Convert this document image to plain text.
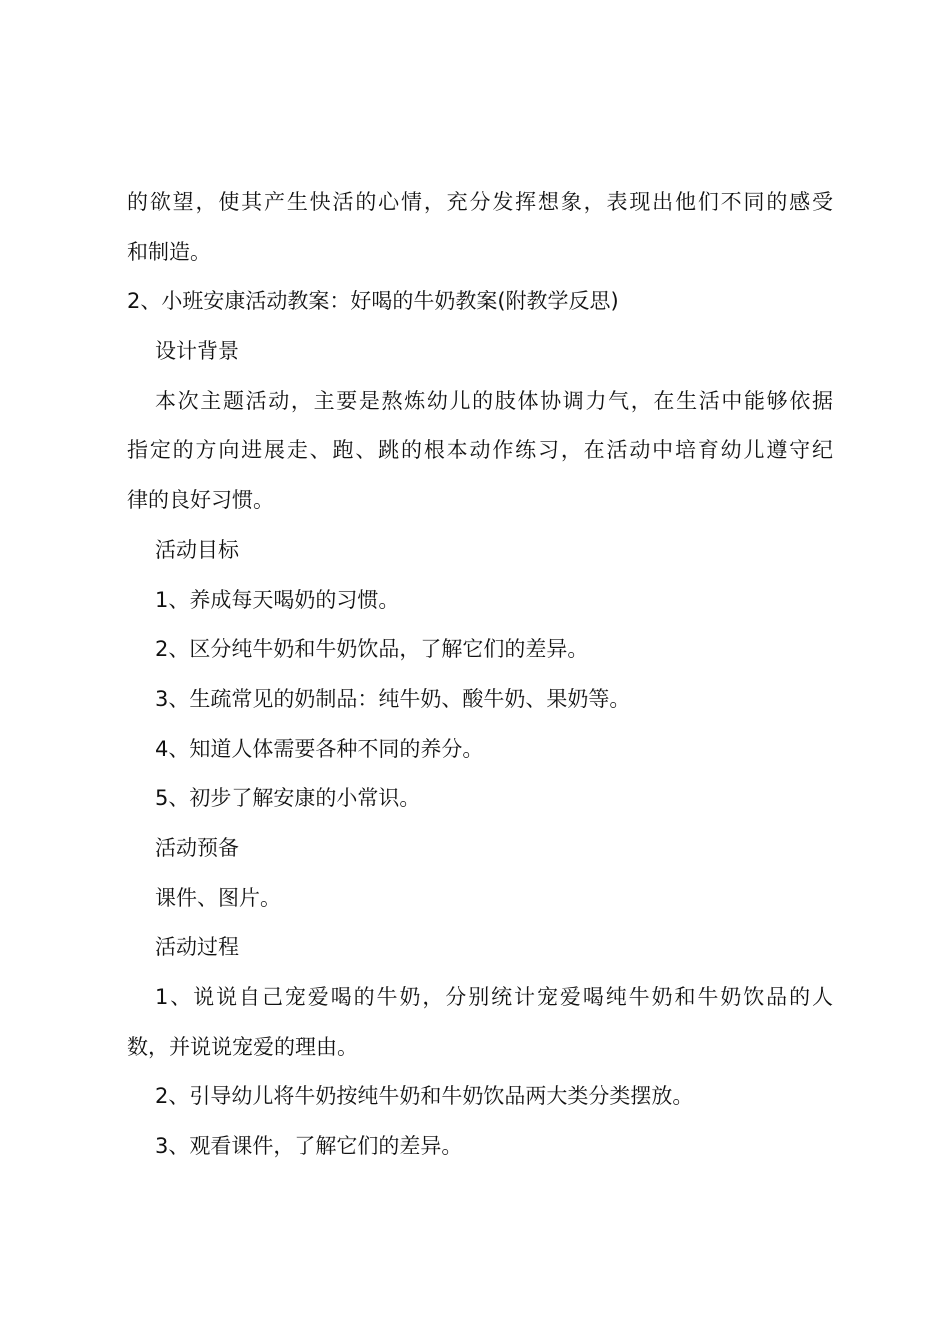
的欲望，使其产生快活的心情，充分发挥想象，表现出他们不同的感受
和制造。
2、小班安康活动教案：好喝的牛奶教案(附教学反思)
设计背景
本次主题活动，主要是熬炼幼儿的肢体协调力气，在生活中能够依据
指定的方向进展走、跑、跳的根本动作练习，在活动中培育幼儿遵守纪
律的良好习惯。
活动目标
1、养成每天喝奶的习惯。
2、区分纯牛奶和牛奶饮品，了解它们的差异。
3、生疏常见的奶制品：纯牛奶、酸牛奶、果奶等。
4、知道人体需要各种不同的养分。
5、初步了解安康的小常识。
活动预备
课件、图片。
活动过程
1、说说自己宠爱喝的牛奶，分别统计宠爱喝纯牛奶和牛奶饮品的人
数，并说说宠爱的理由。
2、引导幼儿将牛奶按纯牛奶和牛奶饮品两大类分类摆放。
3、观看课件，了解它们的差异。
